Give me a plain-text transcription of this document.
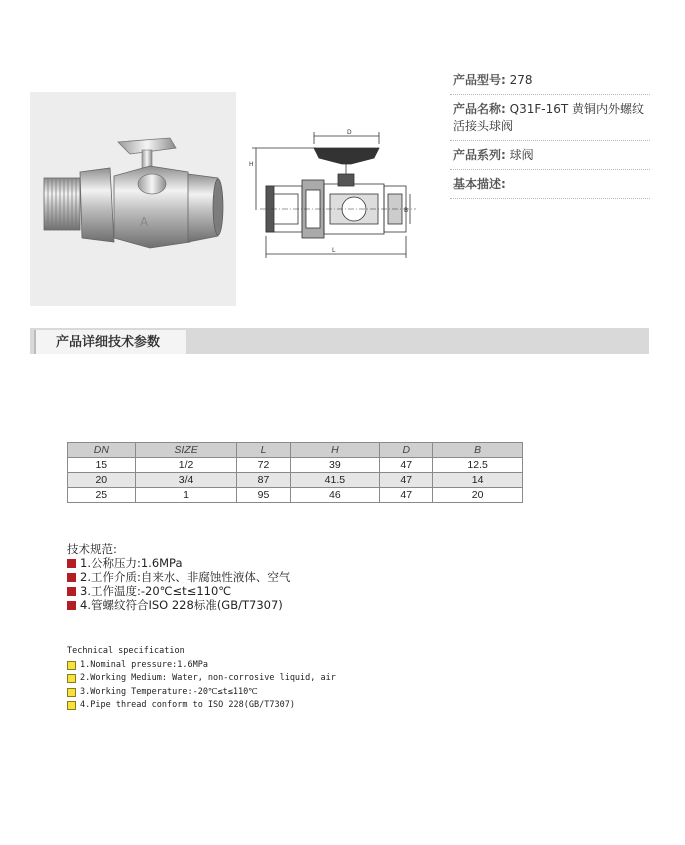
A
D
H
B
L
产品型号: 278
产品名称: Q31F-16T 黄铜内外螺纹活接头球阀
产品系列: 球阀
基本描述:
产品详细技术参数
DN	SIZE	L	H	D	B
15	1/2	72	39	47	12.5
20	3/4	87	41.5	47	14
25	1	95	46	47	20
技术规范:
1.公称压力:1.6MPa
2.工作介质:自来水、非腐蚀性液体、空气
3.工作温度:-20℃≤t≤110℃
4.管螺纹符合ISO 228标准(GB/T7307)
Technical specification
1.Nominal pressure:1.6MPa
2.Working Medium: Water, non-corrosive liquid, air
3.Working Temperature:-20℃≤t≤110℃
4.Pipe thread conform to ISO 228(GB/T7307)
